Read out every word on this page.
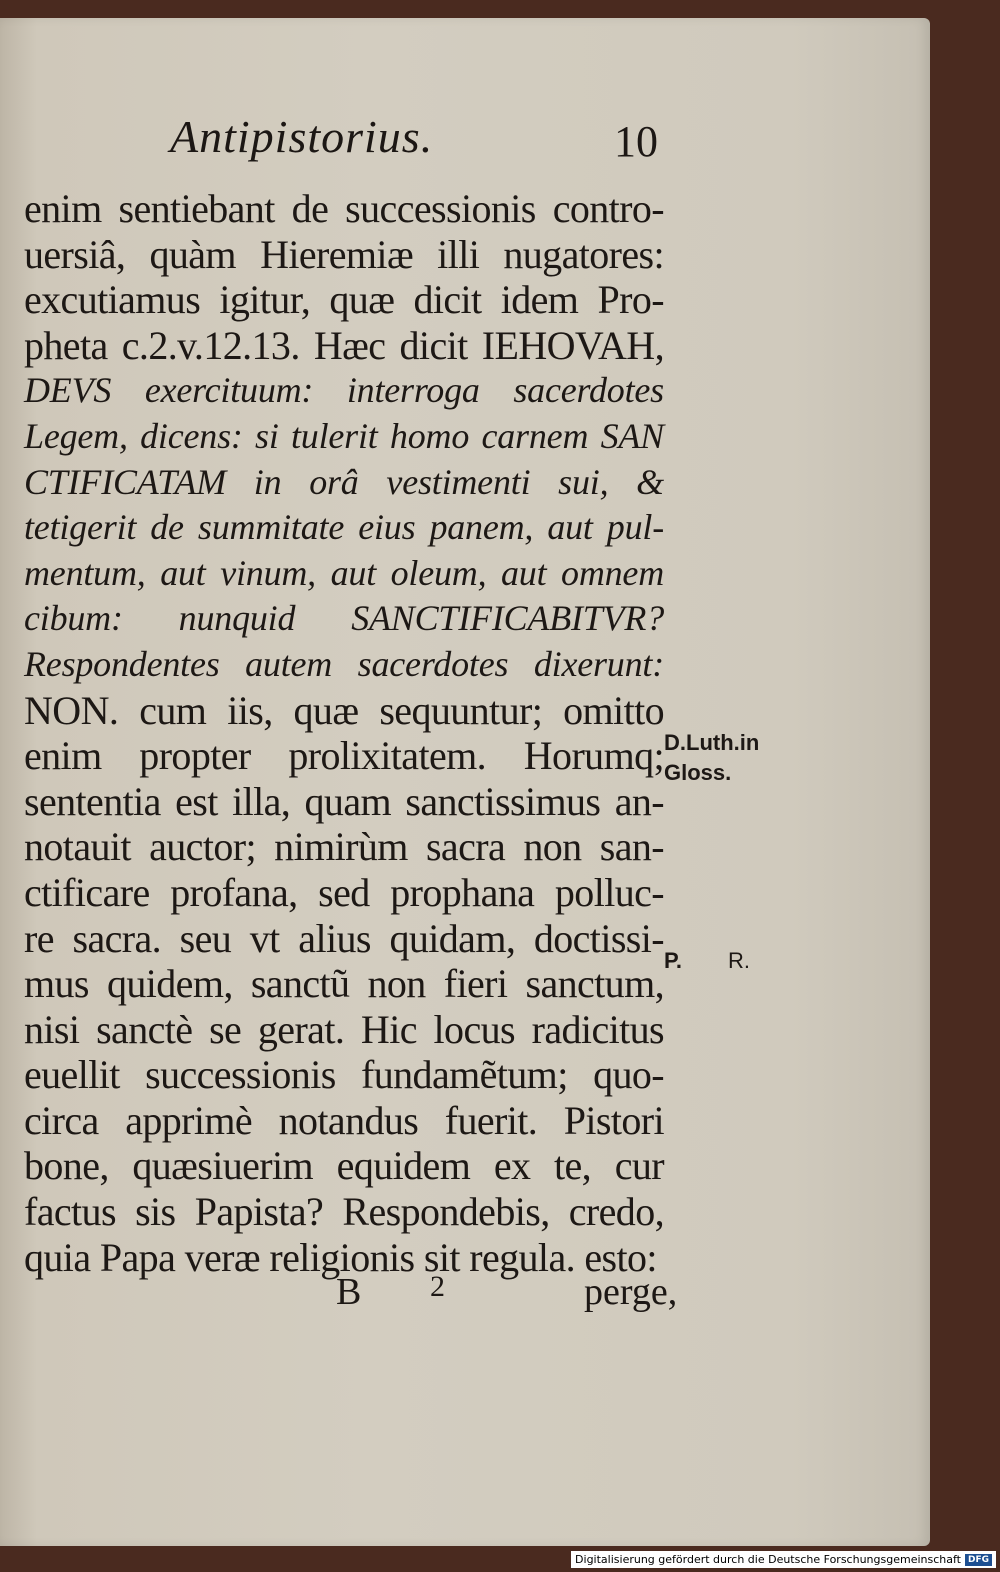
Antipistorius.	10
enim sentiebant de successionis contro-
uersiâ, quàm Hieremiæ illi nugatores:
excutiamus igitur, quæ dicit idem Pro-
pheta c.2.v.12.13. Hæc dicit IEHOVAH,
DEVS exercituum: interroga sacerdotes
Legem, dicens: si tulerit homo carnem SAN
CTIFICATAM in orâ vestimenti sui, &
tetigerit de summitate eius panem, aut pul-
mentum, aut vinum, aut oleum, aut omnem
cibum: nunquid SANCTIFICABITVR?
Respondentes autem sacerdotes dixerunt:
NON. cum iis, quæ sequuntur; omitto
enim propter prolixitatem. Horumq;
sententia est illa, quam sanctissimus an-
notauit auctor; nimirùm sacra non san-
ctificare profana, sed prophana polluc-
re sacra. seu vt alius quidam, doctissi-
mus quidem, sanctũ non fieri sanctum,
nisi sanctè se gerat. Hic locus radicitus
euellit successionis fundamẽtum; quo-
circa apprimè notandus fuerit. Pistori
bone, quæsiuerim equidem ex te, cur
factus sis Papista? Respondebis, credo,
quia Papa veræ religionis sit regula. esto:
B 2	perge,
D.Luth.in
Gloss.
P. R.
Digitalisierung gefördert durch die Deutsche Forschungsgemeinschaft DFG
